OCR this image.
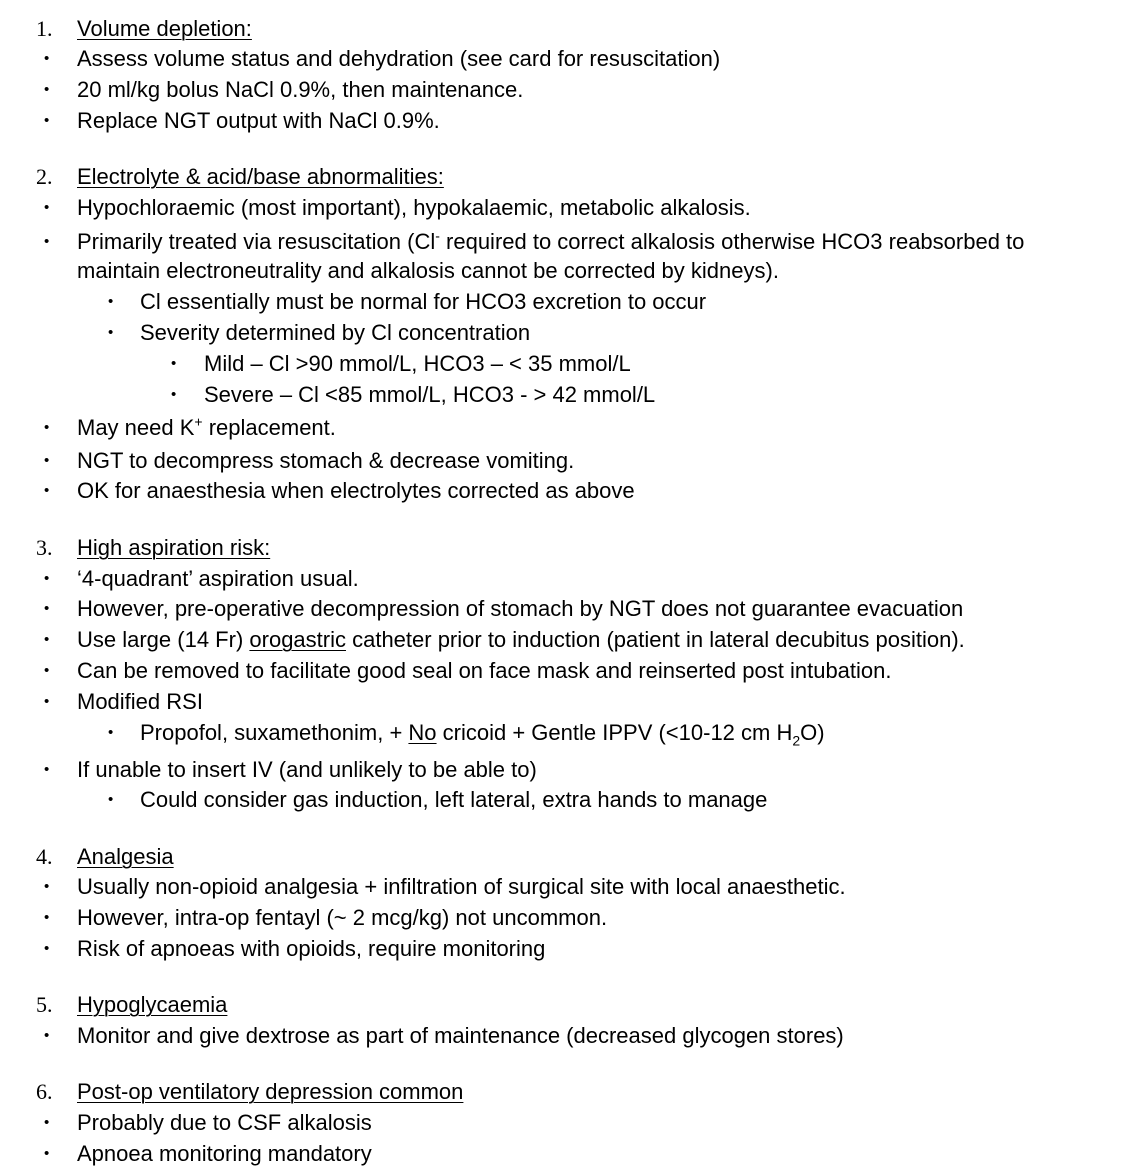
1. Volume depletion:
• Assess volume status and dehydration (see card for resuscitation)
• 20 ml/kg bolus NaCl 0.9%, then maintenance.
• Replace NGT output with NaCl 0.9%.
2. Electrolyte & acid/base abnormalities:
• Hypochloraemic (most important), hypokalaemic, metabolic alkalosis.
• Primarily treated via resuscitation (Cl- required to correct alkalosis otherwise HCO3 reabsorbed to
maintain electroneutrality and alkalosis cannot be corrected by kidneys).
• Cl essentially must be normal for HCO3 excretion to occur
• Severity determined by Cl concentration
• Mild – Cl >90 mmol/L, HCO3 – < 35 mmol/L
• Severe – Cl <85 mmol/L, HCO3 - > 42 mmol/L
• May need K+ replacement.
• NGT to decompress stomach & decrease vomiting.
• OK for anaesthesia when electrolytes corrected as above
3. High aspiration risk:
• ‘4-quadrant’ aspiration usual.
• However, pre-operative decompression of stomach by NGT does not guarantee evacuation
• Use large (14 Fr) orogastric catheter prior to induction (patient in lateral decubitus position).
• Can be removed to facilitate good seal on face mask and reinserted post intubation.
• Modified RSI
• Propofol, suxamethonim, + No cricoid + Gentle IPPV (<10-12 cm $H_2O$)
• If unable to insert IV (and unlikely to be able to)
• Could consider gas induction, left lateral, extra hands to manage
4. Analgesia
• Usually non-opioid analgesia + infiltration of surgical site with local anaesthetic.
• However, intra-op fentayl (~ 2 mcg/kg) not uncommon.
• Risk of apnoeas with opioids, require monitoring
5. Hypoglycaemia
• Monitor and give dextrose as part of maintenance (decreased glycogen stores)
6. Post-op ventilatory depression common
• Probably due to CSF alkalosis
• Apnoea monitoring mandatory
